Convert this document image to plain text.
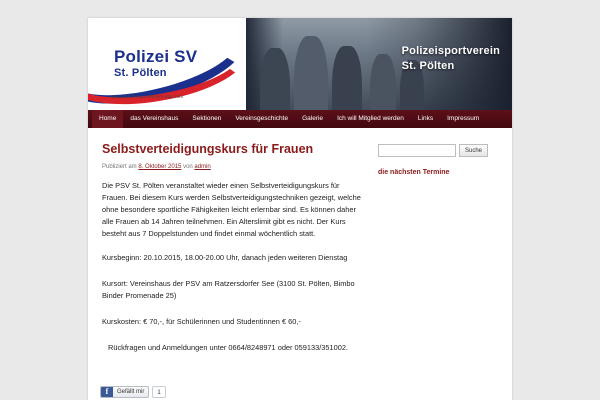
Polizei SV
St. Pölten
www.polizeisportverein-stp.com
Polizeisportverein
St. Pölten
Home	das Vereinshaus	Sektionen	Vereinsgeschichte	Galerie	Ich will Mitglied werden	Links	Impressum
Selbstverteidigungskurs für Frauen
Publiziert am 8. Oktober 2015 von admin

Die PSV St. Pölten veranstaltet wieder einen Selbstverteidigungskurs für Frauen. Bei diesem Kurs werden Selbstverteidigungstechniken gezeigt, welche ohne besondere sportliche Fähigkeiten leicht erlernbar sind. Es können daher alle Frauen ab 14 Jahren teilnehmen. Ein Alterslimit gibt es nicht. Der Kurs besteht aus 7 Doppelstunden und findet einmal wöchentlich statt.

Kursbeginn: 20.10.2015, 18.00-20.00 Uhr, danach jeden weiteren Dienstag

Kursort: Vereinshaus der PSV am Ratzersdorfer See (3100 St. Pölten, Bimbo Binder Promenade 25)

Kurskosten: € 70,-, für Schülerinnen und Studentinnen € 60,-

Rückfragen und Anmeldungen unter 0664/8248971 oder 059133/351002.

Suche
die nächsten Termine
f	Gefällt mir	1
